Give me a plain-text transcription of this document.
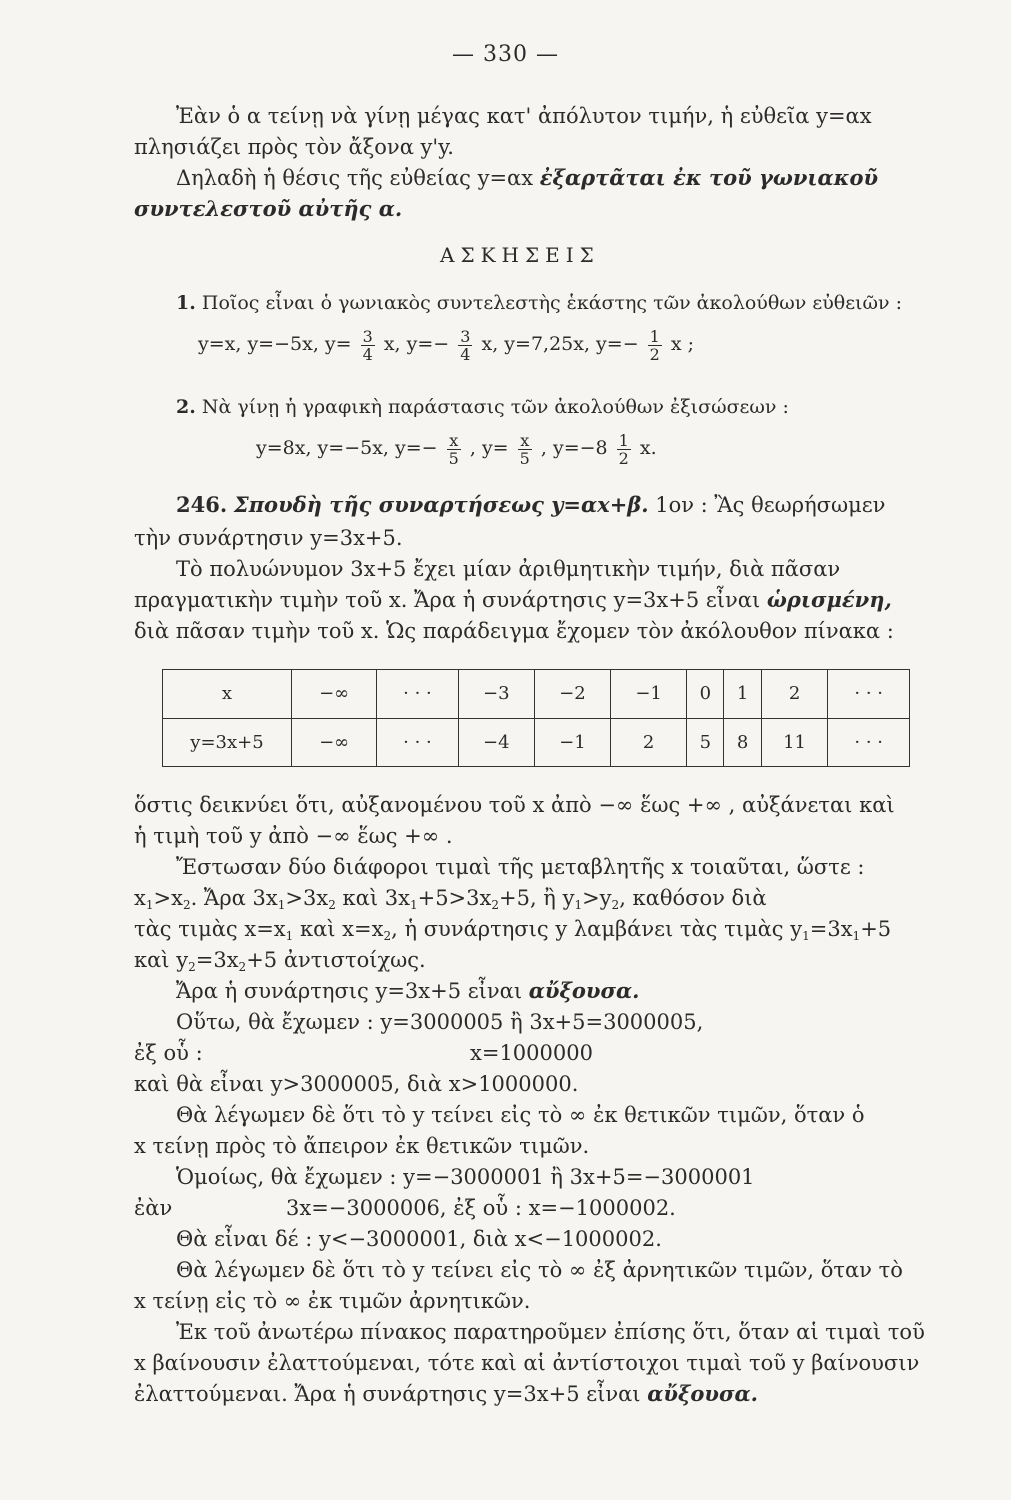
— 330 —
Ἐὰν ὁ α τείνῃ νὰ γίνῃ μέγας κατ' ἀπόλυτον τιμήν, ἡ εὐθεῖα y=αx
πλησιάζει πρὸς τὸν ἄξονα y'y.
Δηλαδὴ ἡ θέσις τῆς εὐθείας y=αx ἐξαρτᾶται ἐκ τοῦ γωνιακοῦ
συντελεστοῦ αὐτῆς α.
ΑΣΚΗΣΕΙΣ
1. Ποῖος εἶναι ὁ γωνιακὸς συντελεστὴς ἑκάστης τῶν ἀκολούθων εὐθειῶν :
y=x, y=−5x, $y= \frac{3}{4} x$, $y=- \frac{3}{4} x$, y=7,25x, $y=- \frac{1}{2}$ x ;
2. Νὰ γίνῃ ἡ γραφικὴ παράστασις τῶν ἀκολούθων ἐξισώσεων :
y=8x, y=−5x, $y=- \frac{x}{5}$ , $y= \frac{x}{5}$ , $y=-8 \frac{1}{2} x$.
246. Σπουδὴ τῆς συναρτήσεως y=αx+β. 1ον : Ἂς θεωρήσωμεν
τὴν συνάρτησιν y=3x+5.
Τὸ πολυώνυμον 3x+5 ἔχει μίαν ἀριθμητικὴν τιμήν, διὰ πᾶσαν
πραγματικὴν τιμὴν τοῦ x. Ἄρα ἡ συνάρτησις y=3x+5 εἶναι ὡρισμένη,
διὰ πᾶσαν τιμὴν τοῦ x. Ὡς παράδειγμα ἔχομεν τὸν ἀκόλουθον πίνακα :
x	−∞	· · ·	−3	−2	−1	0	1	2	· · ·
y=3x+5	−∞	· · ·	−4	−1	2	5	8	11	· · ·
ὅστις δεικνύει ὅτι, αὐξανομένου τοῦ x ἀπὸ −∞ ἕως +∞ , αὐξάνεται καὶ
ἡ τιμὴ τοῦ y ἀπὸ −∞ ἕως +∞ .
Ἔστωσαν δύο διάφοροι τιμαὶ τῆς μεταβλητῆς x τοιαῦται, ὥστε :
$x_1>x_2$. Ἄρα $3x_1>3x_2$ καὶ $3x_1+5>3x_2+5$, ἢ $y_1>y_2$, καθόσον διὰ
τὰς τιμὰς $x=x_1$ καὶ $x=x_2$, ἡ συνάρτησις y λαμβάνει τὰς τιμὰς $y_1=3x_1+5$
καὶ $y_2=3x_2+5$ ἀντιστοίχως.
Ἄρα ἡ συνάρτησις y=3x+5 εἶναι αὔξουσα.
Οὕτω, θὰ ἔχωμεν : y=3000005 ἢ 3x+5=3000005,
ἐξ οὗ :	x=1000000
καὶ θὰ εἶναι y>3000005, διὰ x>1000000.
Θὰ λέγωμεν δὲ ὅτι τὸ y τείνει εἰς τὸ ∞ ἐκ θετικῶν τιμῶν, ὅταν ὁ
x τείνῃ πρὸς τὸ ἄπειρον ἐκ θετικῶν τιμῶν.
Ὁμοίως, θὰ ἔχωμεν : y=−3000001 ἢ 3x+5=−3000001
ἐὰν	3x=−3000006, ἐξ οὗ : x=−1000002.
Θὰ εἶναι δέ : y<−3000001, διὰ x<−1000002.
Θὰ λέγωμεν δὲ ὅτι τὸ y τείνει εἰς τὸ ∞ ἐξ ἀρνητικῶν τιμῶν, ὅταν τὸ
x τείνῃ εἰς τὸ ∞ ἐκ τιμῶν ἀρνητικῶν.
Ἐκ τοῦ ἀνωτέρω πίνακος παρατηροῦμεν ἐπίσης ὅτι, ὅταν αἱ τιμαὶ τοῦ
x βαίνουσιν ἐλαττούμεναι, τότε καὶ αἱ ἀντίστοιχοι τιμαὶ τοῦ y βαίνουσιν
ἐλαττούμεναι. Ἄρα ἡ συνάρτησις y=3x+5 εἶναι αὔξουσα.
